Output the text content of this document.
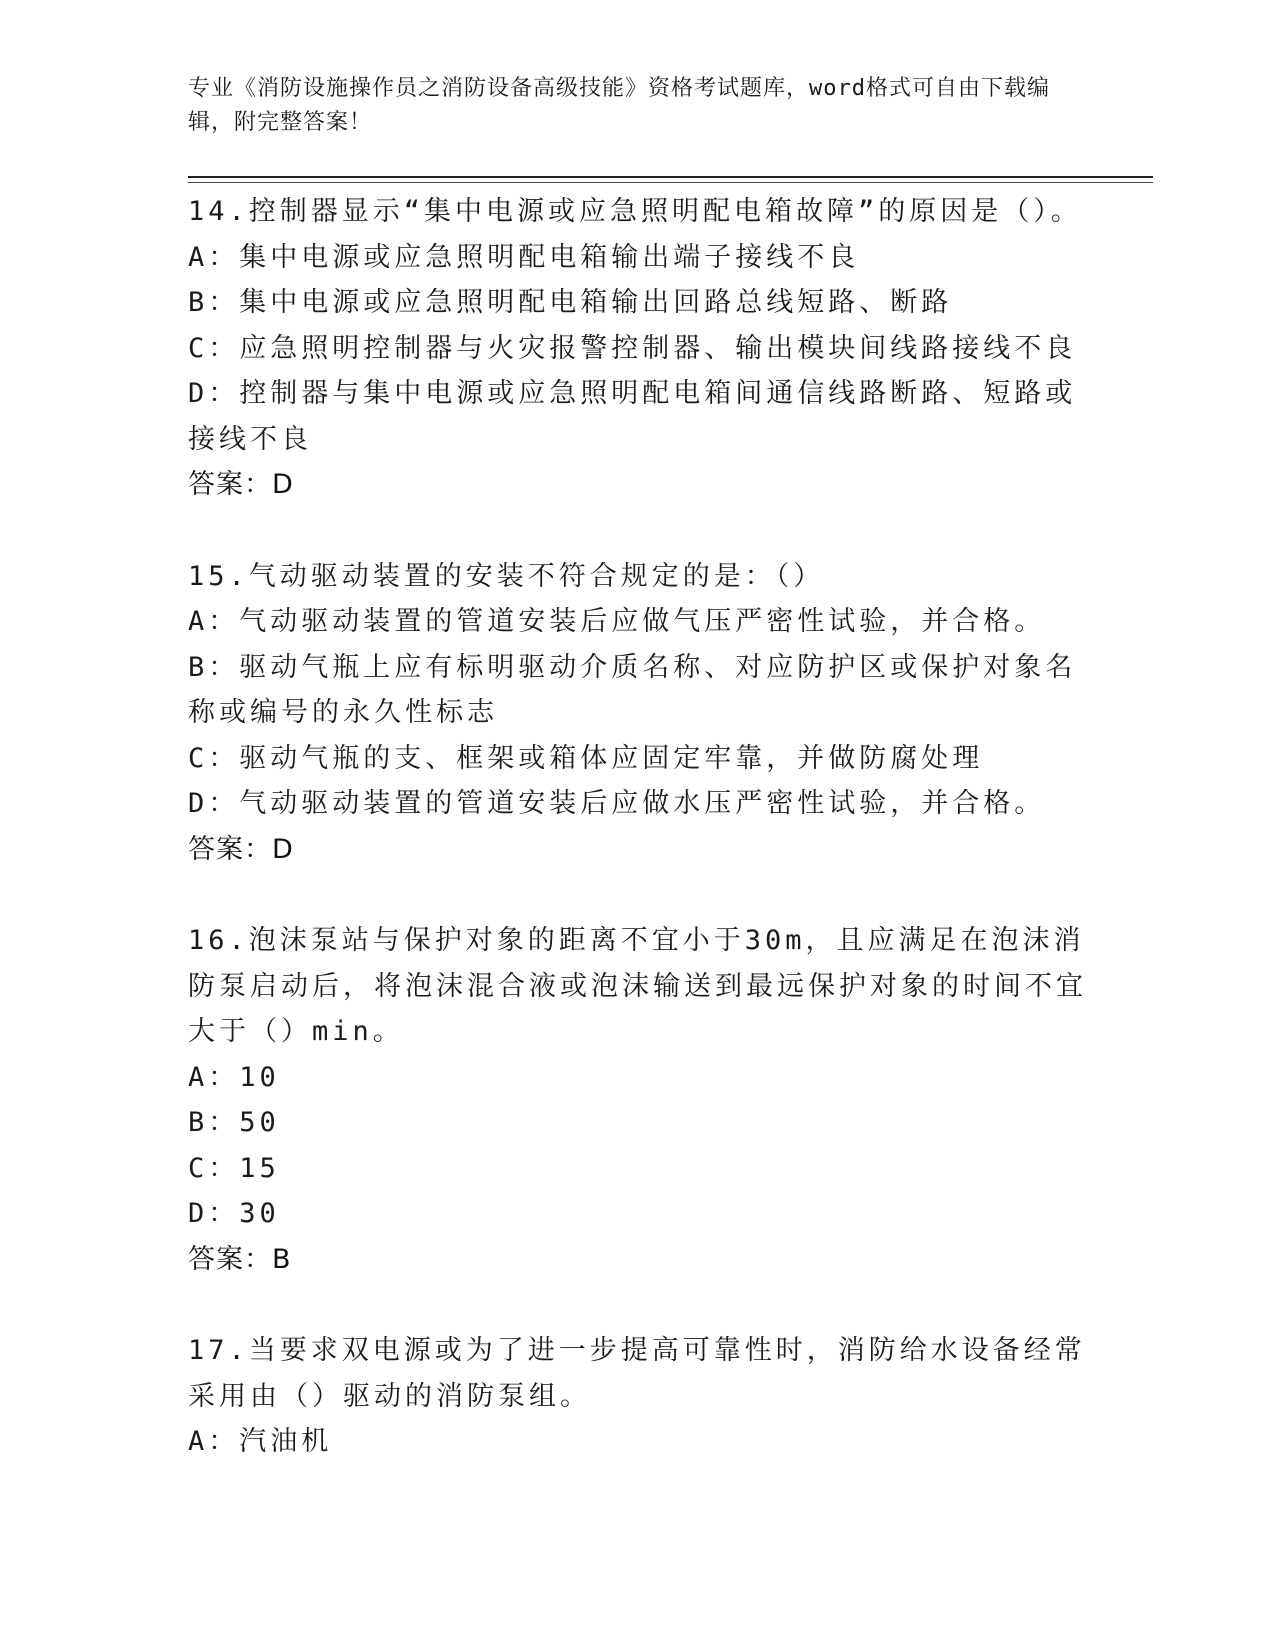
专业《消防设施操作员之消防设备高级技能》资格考试题库，word格式可自由下载编辑，附完整答案！
14.控制器显示“集中电源或应急照明配电箱故障”的原因是（）。
A：集中电源或应急照明配电箱输出端子接线不良
B：集中电源或应急照明配电箱输出回路总线短路、断路
C：应急照明控制器与火灾报警控制器、输出模块间线路接线不良
D：控制器与集中电源或应急照明配电箱间通信线路断路、短路或接线不良
答案：D
15.气动驱动装置的安装不符合规定的是：（）
A：气动驱动装置的管道安装后应做气压严密性试验，并合格。
B：驱动气瓶上应有标明驱动介质名称、对应防护区或保护对象名称或编号的永久性标志
C：驱动气瓶的支、框架或箱体应固定牢靠，并做防腐处理
D：气动驱动装置的管道安装后应做水压严密性试验，并合格。
答案：D
16.泡沫泵站与保护对象的距离不宜小于30m，且应满足在泡沫消防泵启动后，将泡沫混合液或泡沫输送到最远保护对象的时间不宜大于（）min。
A：10
B：50
C：15
D：30
答案：B
17.当要求双电源或为了进一步提高可靠性时，消防给水设备经常采用由（）驱动的消防泵组。
A：汽油机
